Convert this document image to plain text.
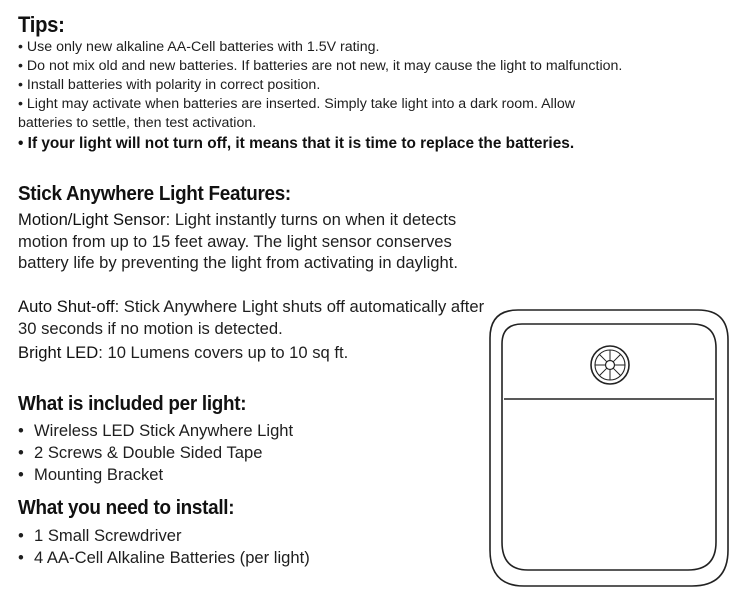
Tips:
• Use only new alkaline AA-Cell batteries with 1.5V rating.
• Do not mix old and new batteries. If batteries are not new, it may cause the light to malfunction.
• Install batteries with polarity in correct position.
• Light may activate when batteries are inserted. Simply take light into a dark room. Allow
batteries to settle, then test activation.
• If your light will not turn off, it means that it is time to replace the batteries.
Stick Anywhere Light Features:
Motion/Light Sensor: Light instantly turns on when it detects motion from up to 15 feet away. The light sensor conserves battery life by preventing the light from activating in daylight.
Auto Shut-off: Stick Anywhere Light shuts off automatically after 30 seconds if no motion is detected.
Bright LED: 10 Lumens covers up to 10 sq ft.
What is included per light:
• Wireless LED Stick Anywhere Light
• 2 Screws & Double Sided Tape
• Mounting Bracket
What you need to install:
• 1 Small Screwdriver
• 4 AA-Cell Alkaline Batteries (per light)
